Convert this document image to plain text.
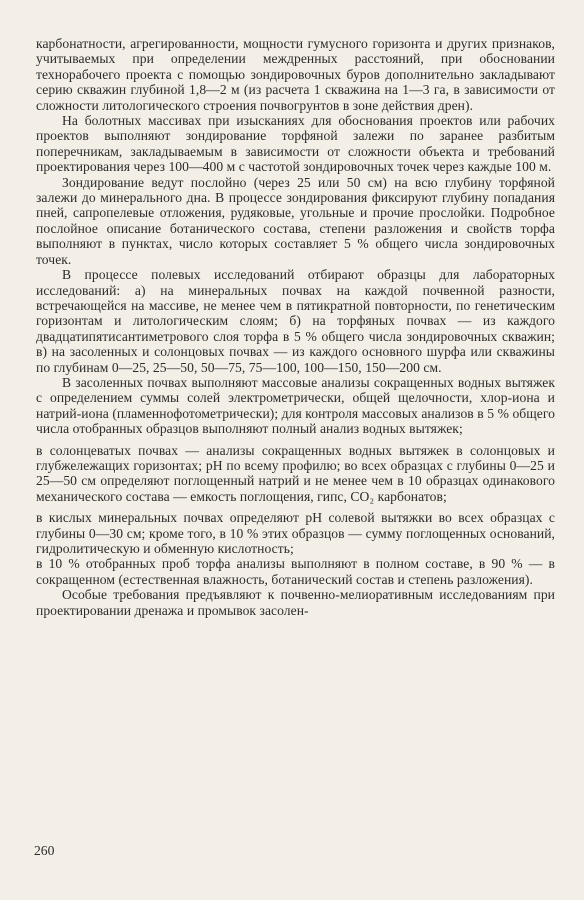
карбонатности, агрегированности, мощности гумусного горизонта и других признаков, учитываемых при определении междренных расстояний, при обосновании технорабочего проекта с помощью зондировочных буров дополнительно закладывают серию скважин глубиной 1,8—2 м (из расчета 1 скважина на 1—3 га, в зависимости от сложности литологического строения почвогрунтов в зоне действия дрен).

На болотных массивах при изысканиях для обоснования проектов или рабочих проектов выполняют зондирование торфяной залежи по заранее разбитым поперечникам, закладываемым в зависимости от сложности объекта и требований проектирования через 100—400 м с частотой зондировочных точек через каждые 100 м.

Зондирование ведут послойно (через 25 или 50 см) на всю глубину торфяной залежи до минерального дна. В процессе зондирования фиксируют глубину попадания пней, сапропелевые отложения, рудяковые, угольные и прочие прослойки. Подробное послойное описание ботанического состава, степени разложения и свойств торфа выполняют в пунктах, число которых составляет 5 % общего числа зондировочных точек.

В процессе полевых исследований отбирают образцы для лабораторных исследований: а) на минеральных почвах на каждой почвенной разности, встречающейся на массиве, не менее чем в пятикратной повторности, по генетическим горизонтам и литологическим слоям; б) на торфяных почвах — из каждого двадцатипятисантиметрового слоя торфа в 5 % общего числа зондировочных скважин; в) на засоленных и солонцовых почвах — из каждого основного шурфа или скважины по глубинам 0—25, 25—50, 50—75, 75—100, 100—150, 150—200 см.

В засоленных почвах выполняют массовые анализы сокращенных водных вытяжек с определением суммы солей электрометрически, общей щелочности, хлор-иона и натрий-иона (пламеннофотометрически); для контроля массовых анализов в 5 % общего числа отобранных образцов выполняют полный анализ водных вытяжек;

в солонцеватых почвах — анализы сокращенных водных вытяжек в солонцовых и глубжележащих горизонтах; pH по всему профилю; во всех образцах с глубины 0—25 и 25—50 см определяют поглощенный натрий и не менее чем в 10 образцах одинакового механического состава — емкость поглощения, гипс, CO₂ карбонатов;

в кислых минеральных почвах определяют pH солевой вытяжки во всех образцах с глубины 0—30 см; кроме того, в 10 % этих образцов — сумму поглощенных оснований, гидролитическую и обменную кислотность;

в 10 % отобранных проб торфа анализы выполняют в полном составе, в 90 % — в сокращенном (естественная влажность, ботанический состав и степень разложения).

Особые требования предъявляют к почвенно-мелиоративным исследованиям при проектировании дренажа и промывок засолен-

260
